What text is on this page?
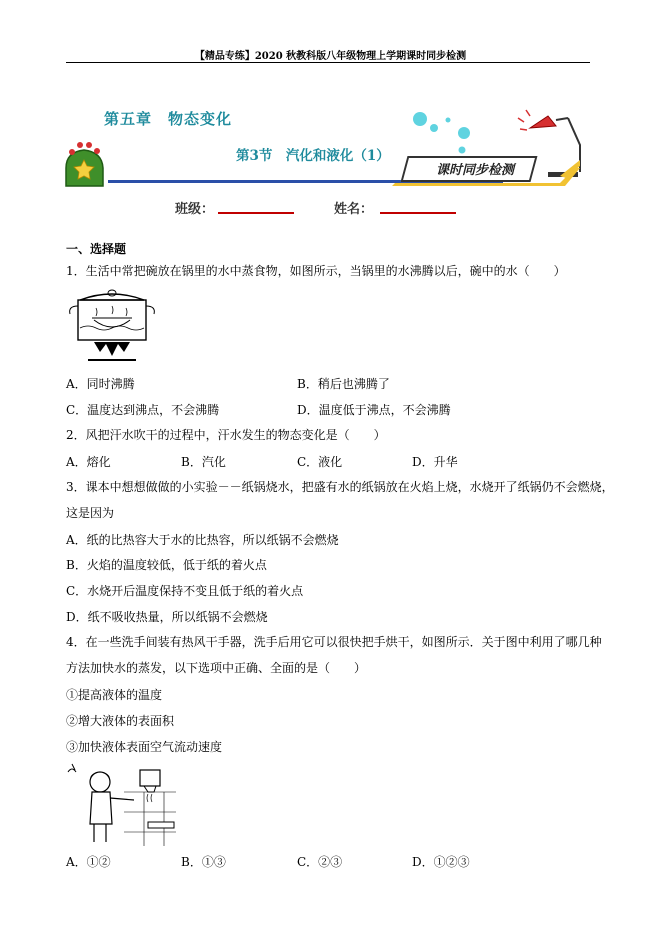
【精品专练】2020 秋教科版八年级物理上学期课时同步检测
第五章　物态变化
第3节　汽化和液化（1）
课时同步检测
班级：	姓名：
一、选择题
1．生活中常把碗放在锅里的水中蒸食物，如图所示，当锅里的水沸腾以后，碗中的水（　　）
A．同时沸腾	B．稍后也沸腾了
C．温度达到沸点，不会沸腾	D．温度低于沸点，不会沸腾
2．风把汗水吹干的过程中，汗水发生的物态变化是（　　）
A．熔化	B．汽化	C．液化	D．升华
3．课本中想想做做的小实验－－纸锅烧水，把盛有水的纸锅放在火焰上烧，水烧开了纸锅仍不会燃烧，
这是因为
A．纸的比热容大于水的比热容，所以纸锅不会燃烧
B．火焰的温度较低，低于纸的着火点
C．水烧开后温度保持不变且低于纸的着火点
D．纸不吸收热量，所以纸锅不会燃烧
4．在一些洗手间装有热风干手器，洗手后用它可以很快把手烘干，如图所示．关于图中利用了哪几种
方法加快水的蒸发，以下选项中正确、全面的是（　　）
①提高液体的温度
②增大液体的表面积
③加快液体表面空气流动速度
A．①②	B．①③	C．②③	D．①②③
